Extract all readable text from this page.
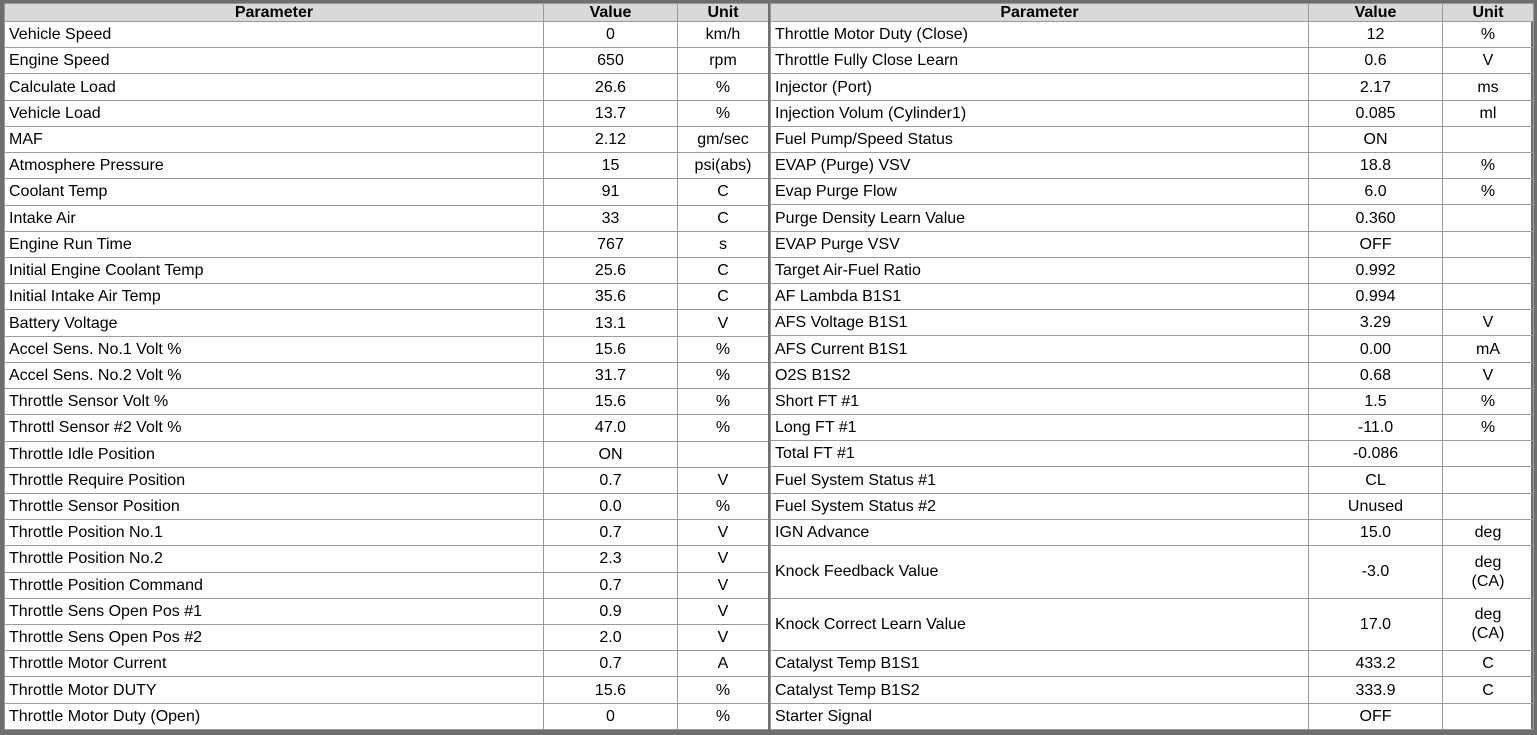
Parameter	Value	Unit
Vehicle Speed	0	km/h
Engine Speed	650	rpm
Calculate Load	26.6	%
Vehicle Load	13.7	%
MAF	2.12	gm/sec
Atmosphere Pressure	15	psi(abs)
Coolant Temp	91	C
Intake Air	33	C
Engine Run Time	767	s
Initial Engine Coolant Temp	25.6	C
Initial Intake Air Temp	35.6	C
Battery Voltage	13.1	V
Accel Sens. No.1 Volt %	15.6	%
Accel Sens. No.2 Volt %	31.7	%
Throttle Sensor Volt %	15.6	%
Throttl Sensor #2 Volt %	47.0	%
Throttle Idle Position	ON	
Throttle Require Position	0.7	V
Throttle Sensor Position	0.0	%
Throttle Position No.1	0.7	V
Throttle Position No.2	2.3	V
Throttle Position Command	0.7	V
Throttle Sens Open Pos #1	0.9	V
Throttle Sens Open Pos #2	2.0	V
Throttle Motor Current	0.7	A
Throttle Motor DUTY	15.6	%
Throttle Motor Duty (Open)	0	%
Parameter	Value	Unit
Throttle Motor Duty (Close)	12	%
Throttle Fully Close Learn	0.6	V
Injector (Port)	2.17	ms
Injection Volum (Cylinder1)	0.085	ml
Fuel Pump/Speed Status	ON	
EVAP (Purge) VSV	18.8	%
Evap Purge Flow	6.0	%
Purge Density Learn Value	0.360	
EVAP Purge VSV	OFF	
Target Air-Fuel Ratio	0.992	
AF Lambda B1S1	0.994	
AFS Voltage B1S1	3.29	V
AFS Current B1S1	0.00	mA
O2S B1S2	0.68	V
Short FT #1	1.5	%
Long FT #1	-11.0	%
Total FT #1	-0.086	
Fuel System Status #1	CL	
Fuel System Status #2	Unused	
IGN Advance	15.0	deg
Knock Feedback Value	-3.0	deg
(CA)
Knock Correct Learn Value	17.0	deg
(CA)
Catalyst Temp B1S1	433.2	C
Catalyst Temp B1S2	333.9	C
Starter Signal	OFF	
